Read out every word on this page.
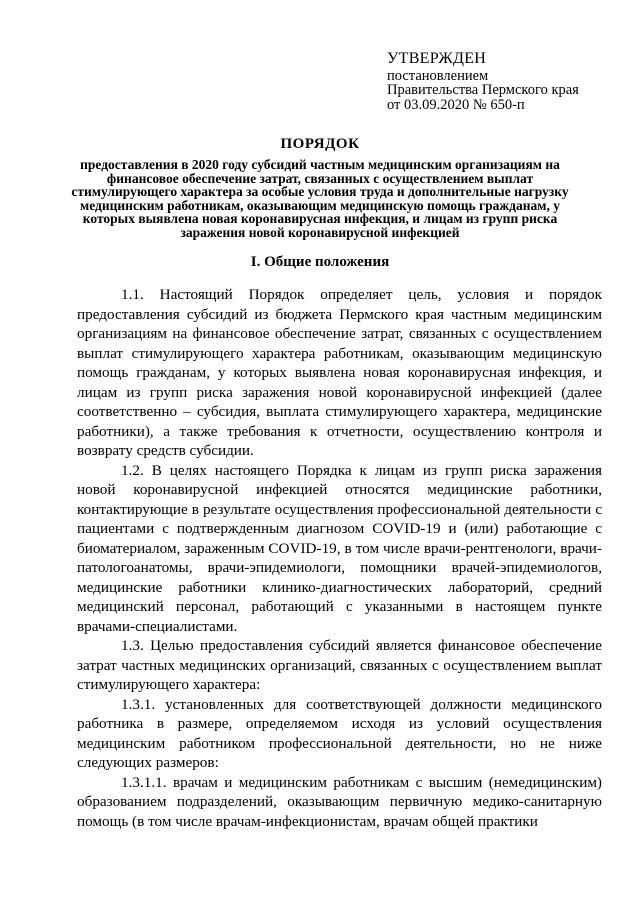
УТВЕРЖДЕН
постановлением
Правительства Пермского края
от 03.09.2020 № 650-п
ПОРЯДОК
предоставления в 2020 году субсидий частным медицинским организациям на финансовое обеспечение затрат, связанных с осуществлением выплат стимулирующего характера за особые условия труда и дополнительные нагрузку медицинским работникам, оказывающим медицинскую помощь гражданам, у которых выявлена новая коронавирусная инфекция, и лицам из групп риска заражения новой коронавирусной инфекцией
I. Общие положения

1.1. Настоящий Порядок определяет цель, условия и порядок предоставления субсидий из бюджета Пермского края частным медицинским организациям на финансовое обеспечение затрат, связанных с осуществлением выплат стимулирующего характера работникам, оказывающим медицинскую помощь гражданам, у которых выявлена новая коронавирусная инфекция, и лицам из групп риска заражения новой коронавирусной инфекцией (далее соответственно – субсидия, выплата стимулирующего характера, медицинские работники), а также требования к отчетности, осуществлению контроля и возврату средств субсидии.

1.2. В целях настоящего Порядка к лицам из групп риска заражения новой коронавирусной инфекцией относятся медицинские работники, контактирующие в результате осуществления профессиональной деятельности с пациентами с подтвержденным диагнозом COVID-19 и (или) работающие с биоматериалом, зараженным COVID-19, в том числе врачи-рентгенологи, врачи-патологоанатомы, врачи-эпидемиологи, помощники врачей-эпидемиологов, медицинские работники клинико-диагностических лабораторий, средний медицинский персонал, работающий с указанными в настоящем пункте врачами-специалистами.

1.3. Целью предоставления субсидий является финансовое обеспечение затрат частных медицинских организаций, связанных с осуществлением выплат стимулирующего характера:

1.3.1. установленных для соответствующей должности медицинского работника в размере, определяемом исходя из условий осуществления медицинским работником профессиональной деятельности, но не ниже следующих размеров:

1.3.1.1. врачам и медицинским работникам с высшим (немедицинским) образованием подразделений, оказывающим первичную медико-санитарную помощь (в том числе врачам-инфекционистам, врачам общей практики
